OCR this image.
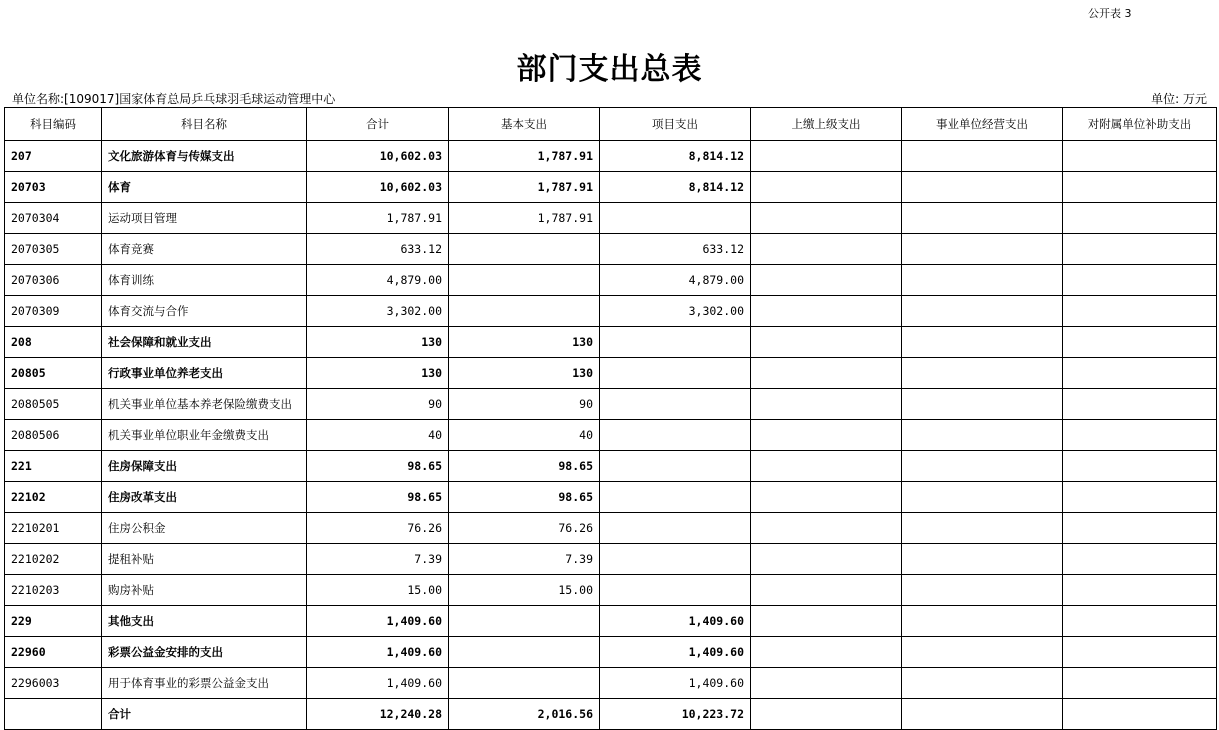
公开表 3
部门支出总表
单位名称:[109017]国家体育总局乒乓球羽毛球运动管理中心	单位: 万元
科目编码	科目名称	合计	基本支出	项目支出	上缴上级支出	事业单位经营支出	对附属单位补助支出
207	文化旅游体育与传媒支出	10,602.03	1,787.91	8,814.12			
20703	体育	10,602.03	1,787.91	8,814.12			
2070304	运动项目管理	1,787.91	1,787.91				
2070305	体育竞赛	633.12		633.12			
2070306	体育训练	4,879.00		4,879.00			
2070309	体育交流与合作	3,302.00		3,302.00			
208	社会保障和就业支出	130	130				
20805	行政事业单位养老支出	130	130				
2080505	机关事业单位基本养老保险缴费支出	90	90				
2080506	机关事业单位职业年金缴费支出	40	40				
221	住房保障支出	98.65	98.65				
22102	住房改革支出	98.65	98.65				
2210201	住房公积金	76.26	76.26				
2210202	提租补贴	7.39	7.39				
2210203	购房补贴	15.00	15.00				
229	其他支出	1,409.60		1,409.60			
22960	彩票公益金安排的支出	1,409.60		1,409.60			
2296003	用于体育事业的彩票公益金支出	1,409.60		1,409.60			
	合计	12,240.28	2,016.56	10,223.72			
